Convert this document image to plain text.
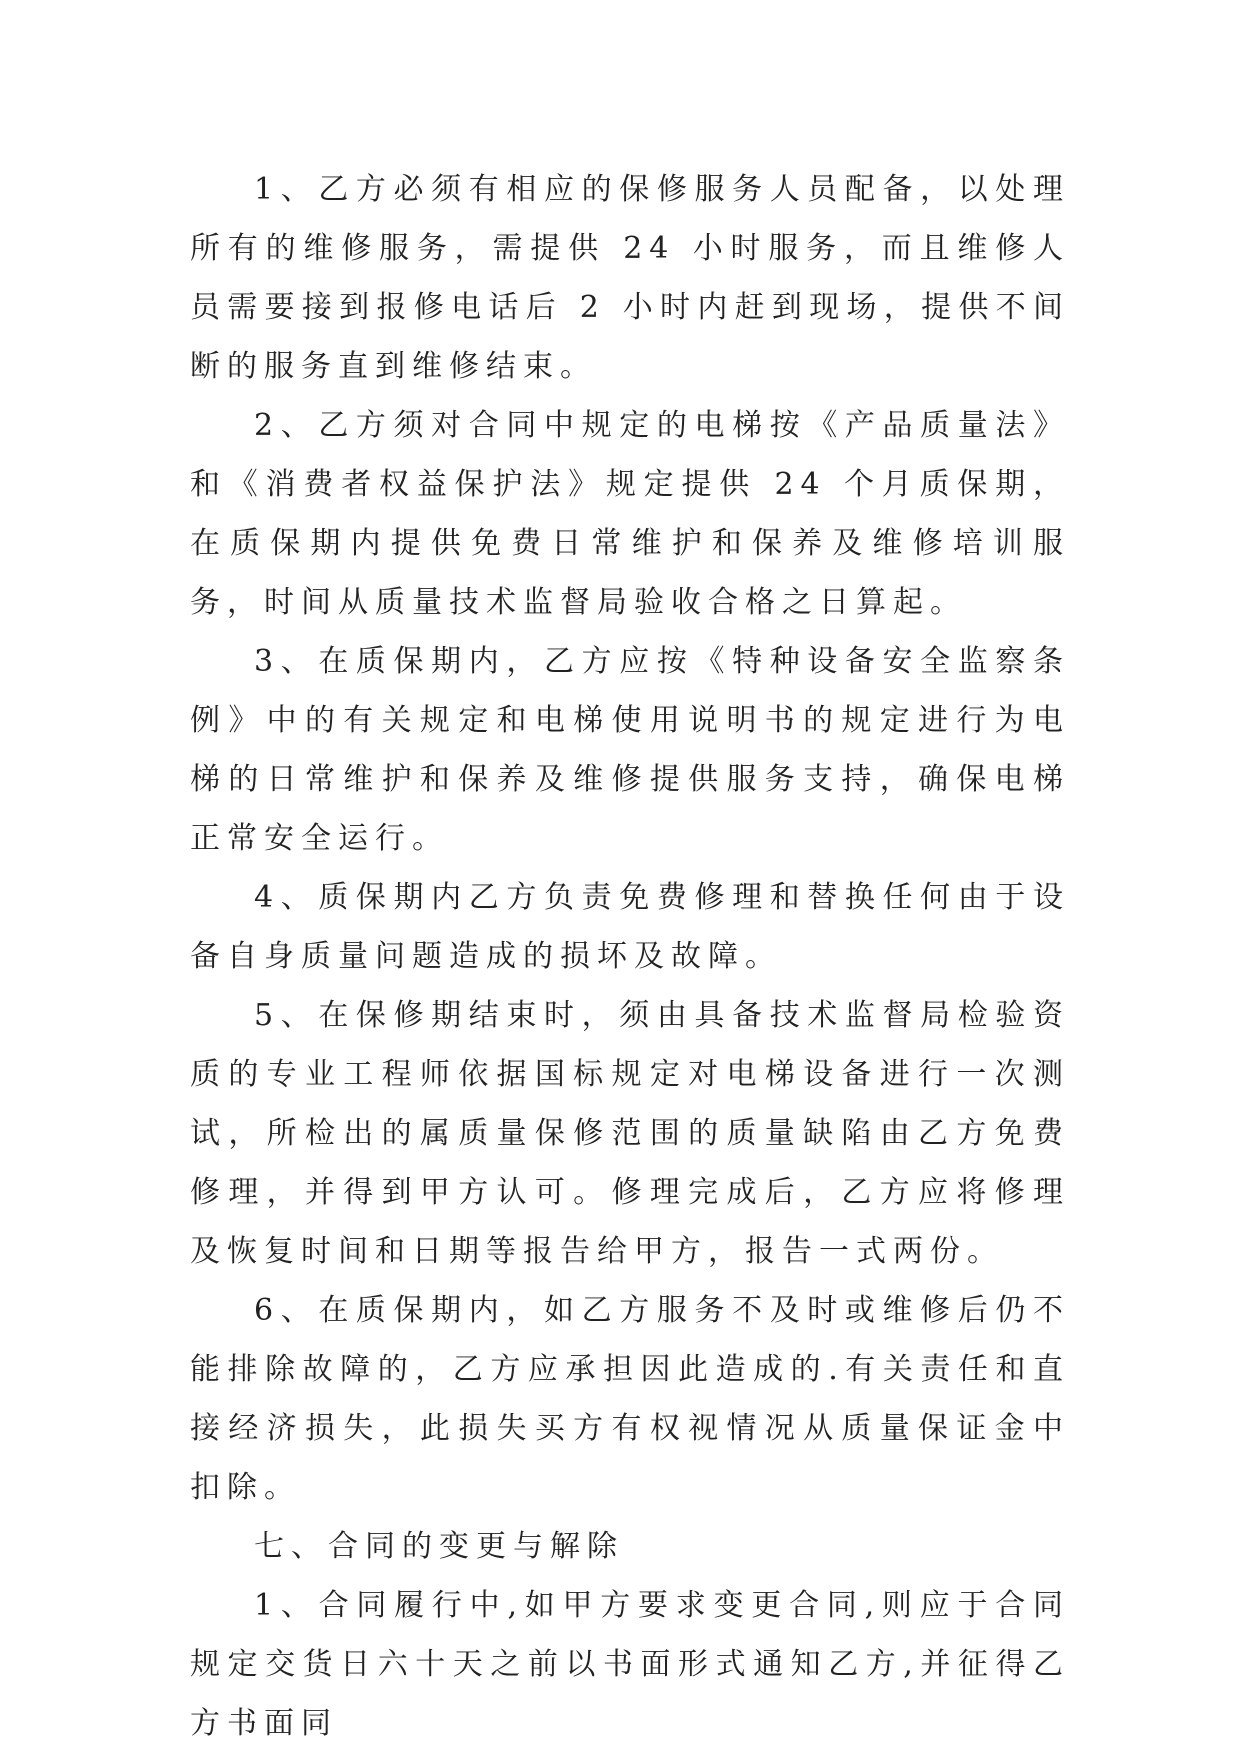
1、乙方必须有相应的保修服务人员配备，以处理所有的维修服务，需提供 24 小时服务，而且维修人员需要接到报修电话后 2 小时内赶到现场，提供不间断的服务直到维修结束。

2、乙方须对合同中规定的电梯按《产品质量法》和《消费者权益保护法》规定提供 24 个月质保期，在质保期内提供免费日常维护和保养及维修培训服务，时间从质量技术监督局验收合格之日算起。

3、在质保期内，乙方应按《特种设备安全监察条例》中的有关规定和电梯使用说明书的规定进行为电梯的日常维护和保养及维修提供服务支持，确保电梯正常安全运行。

4、质保期内乙方负责免费修理和替换任何由于设备自身质量问题造成的损坏及故障。

5、在保修期结束时，须由具备技术监督局检验资质的专业工程师依据国标规定对电梯设备进行一次测试，所检出的属质量保修范围的质量缺陷由乙方免费修理，并得到甲方认可。修理完成后，乙方应将修理及恢复时间和日期等报告给甲方，报告一式两份。

6、在质保期内，如乙方服务不及时或维修后仍不能排除故障的，乙方应承担因此造成的.有关责任和直接经济损失，此损失买方有权视情况从质量保证金中扣除。

七、合同的变更与解除

1、合同履行中,如甲方要求变更合同,则应于合同规定交货日六十天之前以书面形式通知乙方,并征得乙方书面同
